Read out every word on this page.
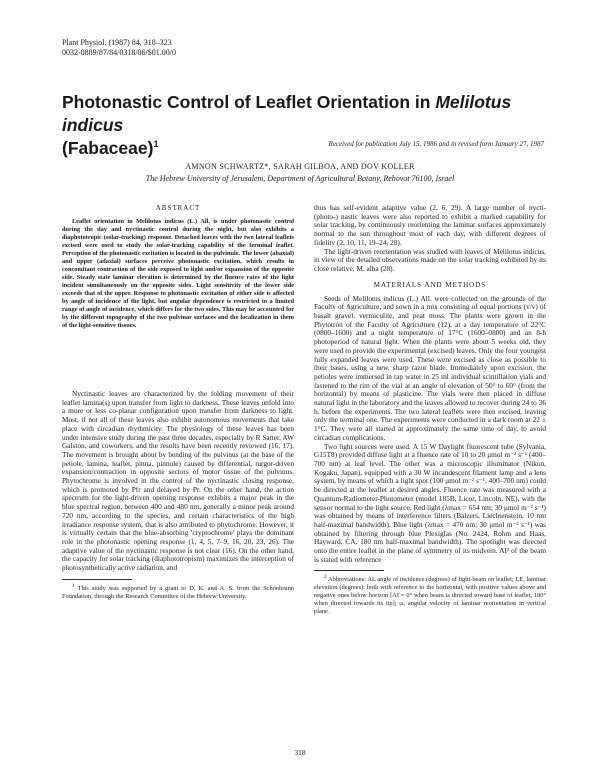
Plant Physiol. (1987) 84, 318–323
0032-0889/87/84/0318/06/$01.00/0
Photonastic Control of Leaflet Orientation in Melilotus indicus
(Fabaceae)$^1$	Received for publication July 15, 1986 and in revised form January 27, 1987
AMNON SCHWARTZ*, SARAH GILBOA, AND DOV KOLLER
The Hebrew University of Jerusalem, Department of Agricultural Botany, Rehovot 76100, Israel
ABSTRACT

Leaflet orientation in Melilotus indicus (L.) All. is under photonastic control during the day and nyctinastic control during the night, but also exhibits a diaphototropic (solar-tracking) response. Detached leaves with the two lateral leaflets excised were used to study the solar-tracking capability of the terminal leaflet. Perception of the photonastic excitation is located in the pulvinule. The lower (abaxial) and upper (adaxial) surfaces perceive photonastic excitation, which results in concomitant contraction of the side exposed to light and/or expansion of the opposite side. Steady state laminar elevation is determined by the fluence rates of the light incident simultaneously on the opposite sides. Light sensitivity of the lower side exceeds that of the upper. Response to photonastic excitation of either side is affected by angle of incidence of the light, but angular dependence is restricted to a limited range of angle of incidence, which differs for the two sides. This may be accounted for by the different topography of the two pulvinar surfaces and the localization in them of the light-sensitive tissues.

Nyctinastic leaves are characterized by the folding movement of their leaflet lamina(s) upon transfer from light to darkness. These leaves unfold into a more or less co-planar configuration upon transfer from darkness to light. Most, if not all of these leaves also exhibit autonomous movements that take place with circadian rhythmicity. The physiology of these leaves has been under intensive study during the past three decades, especially by R Satter, AW Galston, and coworkers, and the results have been recently reviewed (16, 17). The movement is brought about by bending of the pulvinus (at the base of the petiole, lamina, leaflet, pinna, pinnule) caused by differential, turgor-driven expansion/contraction in opposite sectors of motor tissue of the pulvinus. Phytochrome is involved in the control of the nyctinastic closing response, which is promoted by Pfr and delayed by Pr. On the other hand, the action spectrum for the light-driven opening response exhibits a major peak in the blue spectral region, between 400 and 480 nm, generally a minor peak around 720 nm, according to the species, and certain characteristics of the high irradiance response system, that is also attributed to phytochrome. However, it is virtually certain that the blue-absorbing 'cryptochrome' plays the dominant role in the photonastic opening response (1, 4, 5, 7–9, 16, 20, 23, 26). The adaptive value of the nyctinastic response is not clear (16). On the other hand, the capacity for solar tracking (diaphototropism) maximizes the interception of photosynthetically active radiation, and

$^1$ This study was supported by a grant to D. K. and A. S. from the Schönbrunn Foundation, through the Research Committee of the Hebrew University.

thus has self-evident adaptive value (2, 6, 29). A large number of nycti- (photo-) nastic leaves were also reported to exhibit a marked capability for solar tracking, by continuously reorienting the laminar surfaces approximately normal to the sun throughout most of each day, with different degrees of fidelity (2, 10, 11, 19–24, 28).

The light-driven reorientation was studied with leaves of Melilotus indicus, in view of the detailed observations made on the solar tracking exhibited by its close relative, M. alba (28).

MATERIALS AND METHODS

Seeds of Melilotus indicus (L.) All. were collected on the grounds of the Faculty of Agriculture, and sown in a mix consisting of equal portions (v/v) of basalt gravel, vermiculite, and peat moss. The plants were grown in the Phytotron of the Faculty of Agriculture (12), at a day temperature of 22°C (0800–1600) and a night temperature of 17°C (1600–0800) and an 8-h photoperiod of natural light. When the plants were about 5 weeks old, they were used to provide the experimental (excised) leaves. Only the four youngest fully expanded leaves were used. These were excised as close as possible to their bases, using a new, sharp razor blade. Immediately upon excision, the petioles were immersed in tap water in 25 ml individual scintillation vials and fastened to the rim of the vial at an angle of elevation of 50° to 60° (from the horizontal) by means of plasticine. The vials were then placed in diffuse natural light in the laboratory and the leaves allowed to recover during 24 to 36 h. before the experiments. The two lateral leaflets were then excised, leaving only the terminal one. The experiments were conducted in a dark room at 22 ± 1°C. They were all started at approximately the same time of day, to avoid circadian complications.

Two light sources were used. A 15 W Daylight fluorescent tube (Sylvania, G15T8) provided diffuse light at a fluence rate of 10 to 20 μmol m⁻² s⁻¹ (400–700 nm) at leaf level. The other was a microscopic illuminator (Nikon, Kogaku, Japan), equipped with a 30 W incandescent filament lamp and a lens system, by means of which a light spot (100 μmol m⁻² s⁻¹, 400–700 nm) could be directed at the leaflet at desired angles. Fluence rate was measured with a Quantum-Radiometer-Photometer (model 185B, Licor, Lincoln, NE), with the sensor normal to the light source. Red light (λmax = 654 nm; 30 μmol m⁻² s⁻¹) was obtained by means of interference filters (Balzers, Liechtenstein, 10 nm half-maximal bandwidth). Blue light (λmax = 470 nm; 30 μmol m⁻² s⁻¹) was obtained by filtering through blue Plexiglas (No. 2424, Rohm and Haas, Hayward, CA, 180 nm half-maximal bandwidth). The spotlight was directed onto the entire leaflet in the plane of symmetry of its midvein. AI² of the beam is stated with reference

$^2$ Abbreviations: AL angle of incidence (degrees) of light-beam on leaflet; LE, laminar elevation (degrees): both with reference to the horizontal, with positive values above and negative ones below horizon [AI = 0° when beam is directed toward base of leaflet, 180° when directed towards its tip]; ω, angular velocity of laminar reorientation in vertical plane.

318
